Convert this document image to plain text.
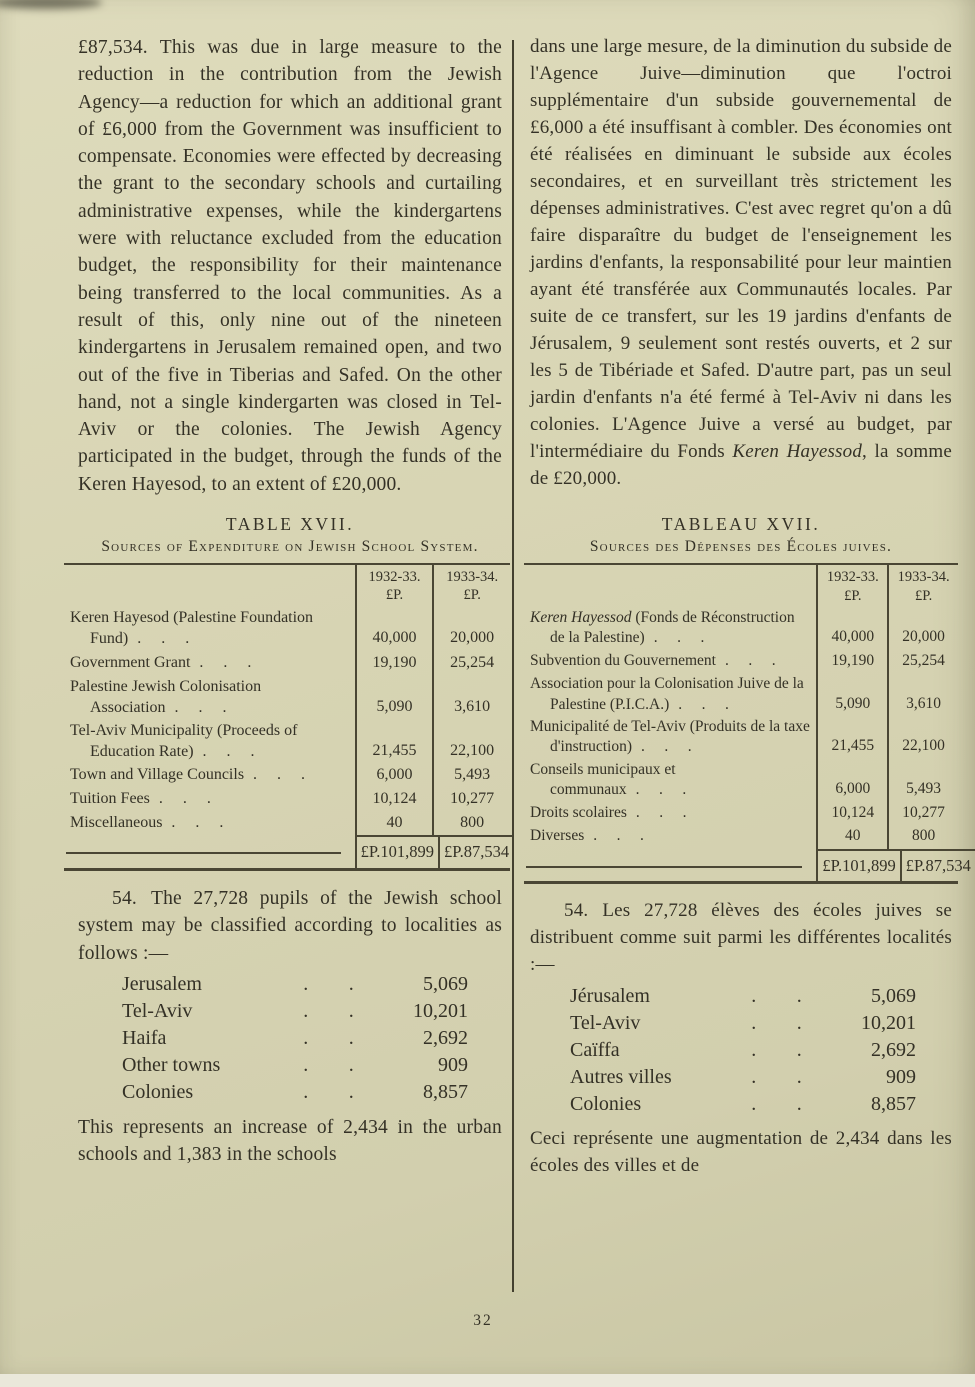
£87,534. This was due in large measure to the reduction in the contribution from the Jewish Agency—a reduction for which an additional grant of £6,000 from the Government was insufficient to compensate. Economies were effected by decreasing the grant to the secondary schools and curtailing administrative expenses, while the kindergartens were with reluctance excluded from the education budget, the responsibility for their maintenance being transferred to the local communities. As a result of this, only nine out of the nineteen kindergartens in Jerusalem remained open, and two out of the five in Tiberias and Safed. On the other hand, not a single kindergarten was closed in Tel-Aviv or the colonies. The Jewish Agency participated in the budget, through the funds of the Keren Hayesod, to an extent of £20,000.

TABLE XVII.
Sources of Expenditure on Jewish School System.
1932-33.
£P.
1933-34.
£P.
Keren Hayesod (Palestine Foundation Fund) . . .	40,000	20,000
Government Grant . . .	19,190	25,254
Palestine Jewish Colonisation Association . . .	5,090	3,610
Tel-Aviv Municipality (Proceeds of Education Rate) . . .	21,455	22,100
Town and Village Councils . . .	6,000	5,493
Tuition Fees . . .	10,124	10,277
Miscellaneous . . .	40	800
£P.101,899 £P.87,534

54. The 27,728 pupils of the Jewish school system may be classified according to localities as follows :—

Jerusalem	.	.	5,069
Tel-Aviv	.	.	10,201
Haifa	.	.	2,692
Other towns	.	.	909
Colonies	.	.	8,857

This represents an increase of 2,434 in the urban schools and 1,383 in the schools

dans une large mesure, de la diminution du subside de l'Agence Juive—diminution que l'octroi supplémentaire d'un subside gouvernemental de £6,000 a été insuffisant à combler. Des économies ont été réalisées en diminuant le subside aux écoles secondaires, et en surveillant très strictement les dépenses administratives. C'est avec regret qu'on a dû faire disparaître du budget de l'enseignement les jardins d'enfants, la responsabilité pour leur maintien ayant été transférée aux Communautés locales. Par suite de ce transfert, sur les 19 jardins d'enfants de Jérusalem, 9 seulement sont restés ouverts, et 2 sur les 5 de Tibériade et Safed. D'autre part, pas un seul jardin d'enfants n'a été fermé à Tel-Aviv ni dans les colonies. L'Agence Juive a versé au budget, par l'intermédiaire du Fonds Keren Hayessod, la somme de £20,000.

TABLEAU XVII.
Sources des Dépenses des Écoles juives.
1932-33.
£P.
1933-34.
£P.
Keren Hayessod (Fonds de Réconstruction de la Palestine) . . .	40,000	20,000
Subvention du Gouvernement . . .	19,190	25,254
Association pour la Colonisation Juive de la Palestine (P.I.C.A.) . . .	5,090	3,610
Municipalité de Tel-Aviv (Produits de la taxe d'instruction) . . .	21,455	22,100
Conseils municipaux et communaux . . .	6,000	5,493
Droits scolaires . . .	10,124	10,277
Diverses . . .	40	800
£P.101,899 £P.87,534

54. Les 27,728 élèves des écoles juives se distribuent comme suit parmi les différentes localités :—

Jérusalem	.	.	5,069
Tel-Aviv	.	.	10,201
Caïffa	.	.	2,692
Autres villes	.	.	909
Colonies	.	.	8,857

Ceci représente une augmentation de 2,434 dans les écoles des villes et de

32
